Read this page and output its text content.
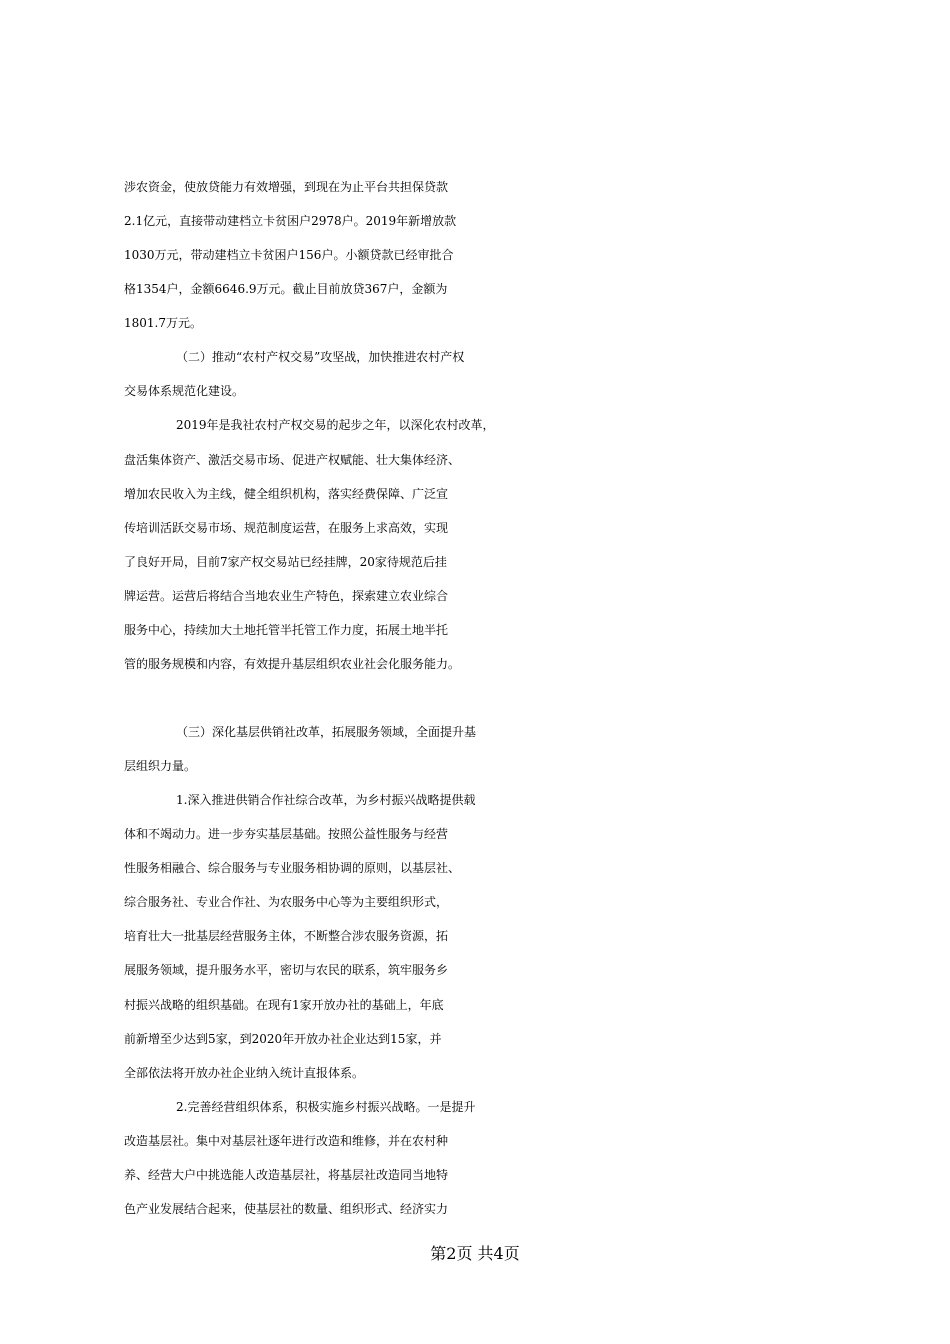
涉农资金，使放贷能力有效增强，到现在为止平台共担保贷款

2.1亿元，直接带动建档立卡贫困户2978户。2019年新增放款

1030万元，带动建档立卡贫困户156户。小额贷款已经审批合

格1354户，金额6646.9万元。截止目前放贷367户，金额为

1801.7万元。

（二）推动“农村产权交易”攻坚战，加快推进农村产权

交易体系规范化建设。

2019年是我社农村产权交易的起步之年，以深化农村改革，

盘活集体资产、激活交易市场、促进产权赋能、壮大集体经济、

增加农民收入为主线，健全组织机构，落实经费保障、广泛宣

传培训活跃交易市场、规范制度运营，在服务上求高效，实现

了良好开局，目前7家产权交易站已经挂牌，20家待规范后挂

牌运营。运营后将结合当地农业生产特色，探索建立农业综合

服务中心，持续加大土地托管半托管工作力度，拓展土地半托

管的服务规模和内容，有效提升基层组织农业社会化服务能力。

（三）深化基层供销社改革，拓展服务领域，全面提升基

层组织力量。

1.深入推进供销合作社综合改革，为乡村振兴战略提供载

体和不竭动力。进一步夯实基层基础。按照公益性服务与经营

性服务相融合、综合服务与专业服务相协调的原则，以基层社、

综合服务社、专业合作社、为农服务中心等为主要组织形式，

培育壮大一批基层经营服务主体，不断整合涉农服务资源，拓

展服务领域，提升服务水平，密切与农民的联系，筑牢服务乡

村振兴战略的组织基础。在现有1家开放办社的基础上，年底

前新增至少达到5家，到2020年开放办社企业达到15家，并

全部依法将开放办社企业纳入统计直报体系。

2.完善经营组织体系，积极实施乡村振兴战略。一是提升

改造基层社。集中对基层社逐年进行改造和维修，并在农村种

养、经营大户中挑选能人改造基层社，将基层社改造同当地特

色产业发展结合起来，使基层社的数量、组织形式、经济实力

第2页 共4页
